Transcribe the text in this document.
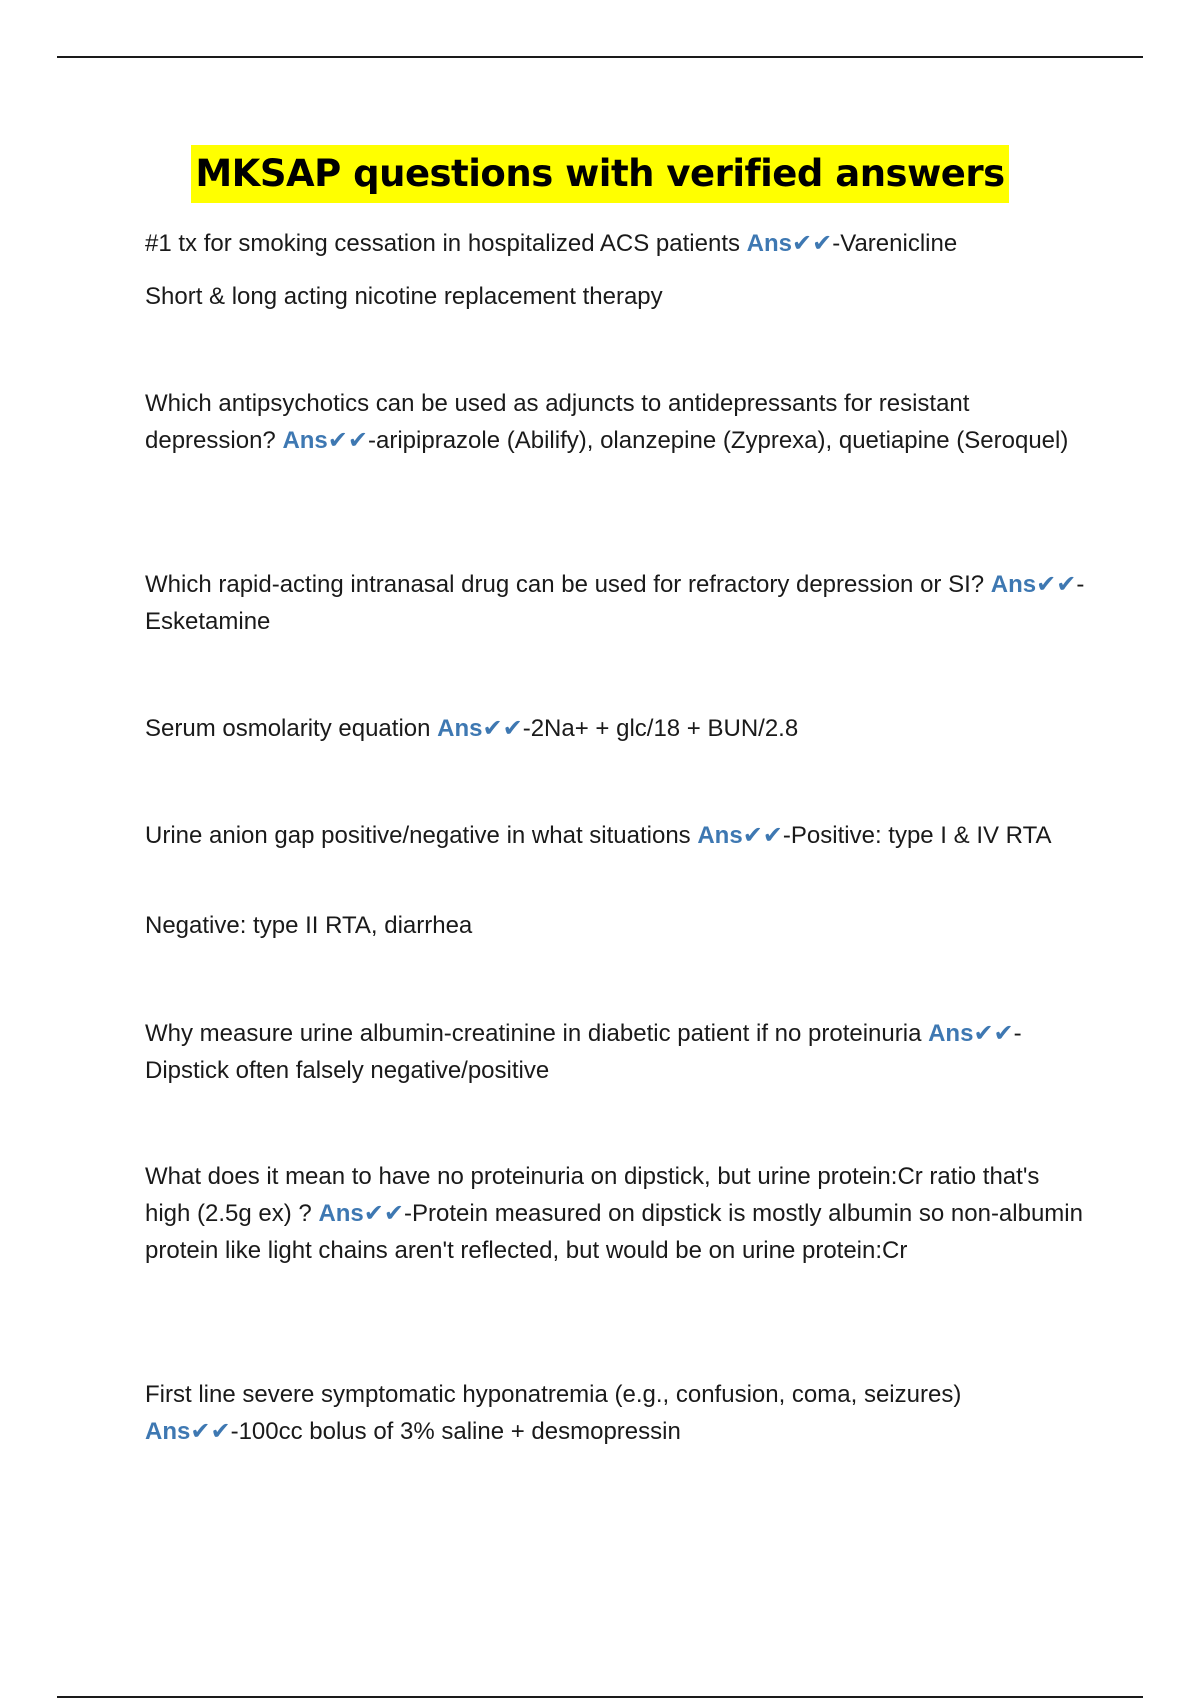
MKSAP questions with verified answers

#1 tx for smoking cessation in hospitalized ACS patients Ans✔✔-Varenicline

Short & long acting nicotine replacement therapy

Which antipsychotics can be used as adjuncts to antidepressants for resistant depression? Ans✔✔-aripiprazole (Abilify), olanzepine (Zyprexa), quetiapine (Seroquel)

Which rapid-acting intranasal drug can be used for refractory depression or SI? Ans✔✔-Esketamine

Serum osmolarity equation Ans✔✔-2Na+ + glc/18 + BUN/2.8

Urine anion gap positive/negative in what situations Ans✔✔-Positive: type I & IV RTA

Negative: type II RTA, diarrhea

Why measure urine albumin-creatinine in diabetic patient if no proteinuria Ans✔✔-Dipstick often falsely negative/positive

What does it mean to have no proteinuria on dipstick, but urine protein:Cr ratio that's high (2.5g ex) ? Ans✔✔-Protein measured on dipstick is mostly albumin so non-albumin protein like light chains aren't reflected, but would be on urine protein:Cr

First line severe symptomatic hyponatremia (e.g., confusion, coma, seizures) Ans✔✔-100cc bolus of 3% saline + desmopressin
